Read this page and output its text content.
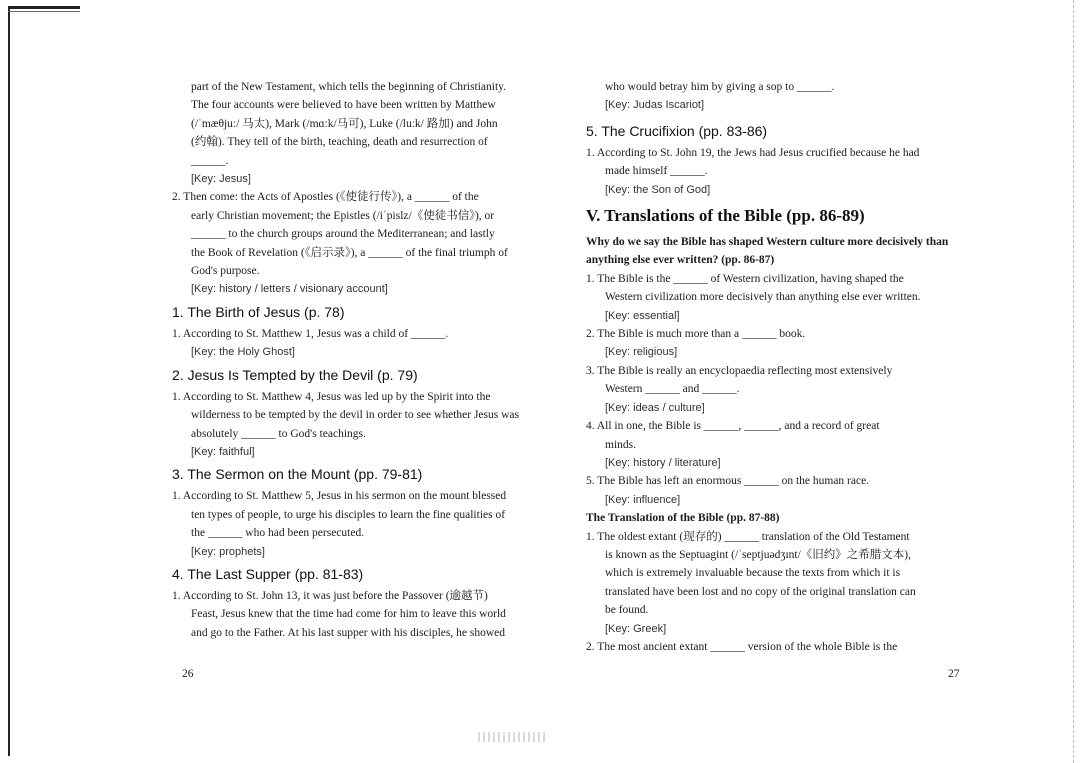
part of the New Testament, which tells the beginning of Christianity.

The four accounts were believed to have been written by Matthew

(/ˈmæθjuː/ 马太), Mark (/mɑːk/马可), Luke (/luːk/ 路加) and John

(约翰). They tell of the birth, teaching, death and resurrection of

______.

[Key: Jesus]

2. Then come: the Acts of Apostles (《使徒行传》), a ______ of the

early Christian movement; the Epistles (/iˈpislz/《使徒书信》), or

______ to the church groups around the Mediterranean; and lastly

the Book of Revelation (《启示录》), a ______ of the final triumph of

God's purpose.

[Key: history / letters / visionary account]

1. The Birth of Jesus (p. 78)

1. According to St. Matthew 1, Jesus was a child of ______.

[Key: the Holy Ghost]

2. Jesus Is Tempted by the Devil (p. 79)

1. According to St. Matthew 4, Jesus was led up by the Spirit into the

wilderness to be tempted by the devil in order to see whether Jesus was

absolutely ______ to God's teachings.

[Key: faithful]

3. The Sermon on the Mount (pp. 79-81)

1. According to St. Matthew 5, Jesus in his sermon on the mount blessed

ten types of people, to urge his disciples to learn the fine qualities of

the ______ who had been persecuted.

[Key: prophets]

4. The Last Supper (pp. 81-83)

1. According to St. John 13, it was just before the Passover (逾越节)

Feast, Jesus knew that the time had come for him to leave this world

and go to the Father. At his last supper with his disciples, he showed

who would betray him by giving a sop to ______.

[Key: Judas Iscariot]

5. The Crucifixion (pp. 83-86)

1. According to St. John 19, the Jews had Jesus crucified because he had

made himself ______.

[Key: the Son of God]

V. Translations of the Bible (pp. 86-89)

Why do we say the Bible has shaped Western culture more decisively than

anything else ever written? (pp. 86-87)

1. The Bible is the ______ of Western civilization, having shaped the

Western civilization more decisively than anything else ever written.

[Key: essential]

2. The Bible is much more than a ______ book.

[Key: religious]

3. The Bible is really an encyclopaedia reflecting most extensively

Western ______ and ______.

[Key: ideas / culture]

4. All in one, the Bible is ______, ______, and a record of great

minds.

[Key: history / literature]

5. The Bible has left an enormous ______ on the human race.

[Key: influence]

The Translation of the Bible (pp. 87-88)

1. The oldest extant (现存的) ______ translation of the Old Testament

is known as the Septuagint (/ˈseptjuədʒɪnt/《旧约》之希腊文本),

which is extremely invaluable because the texts from which it is

translated have been lost and no copy of the original translation can

be found.

[Key: Greek]

2. The most ancient extant ______ version of the whole Bible is the

26	27
